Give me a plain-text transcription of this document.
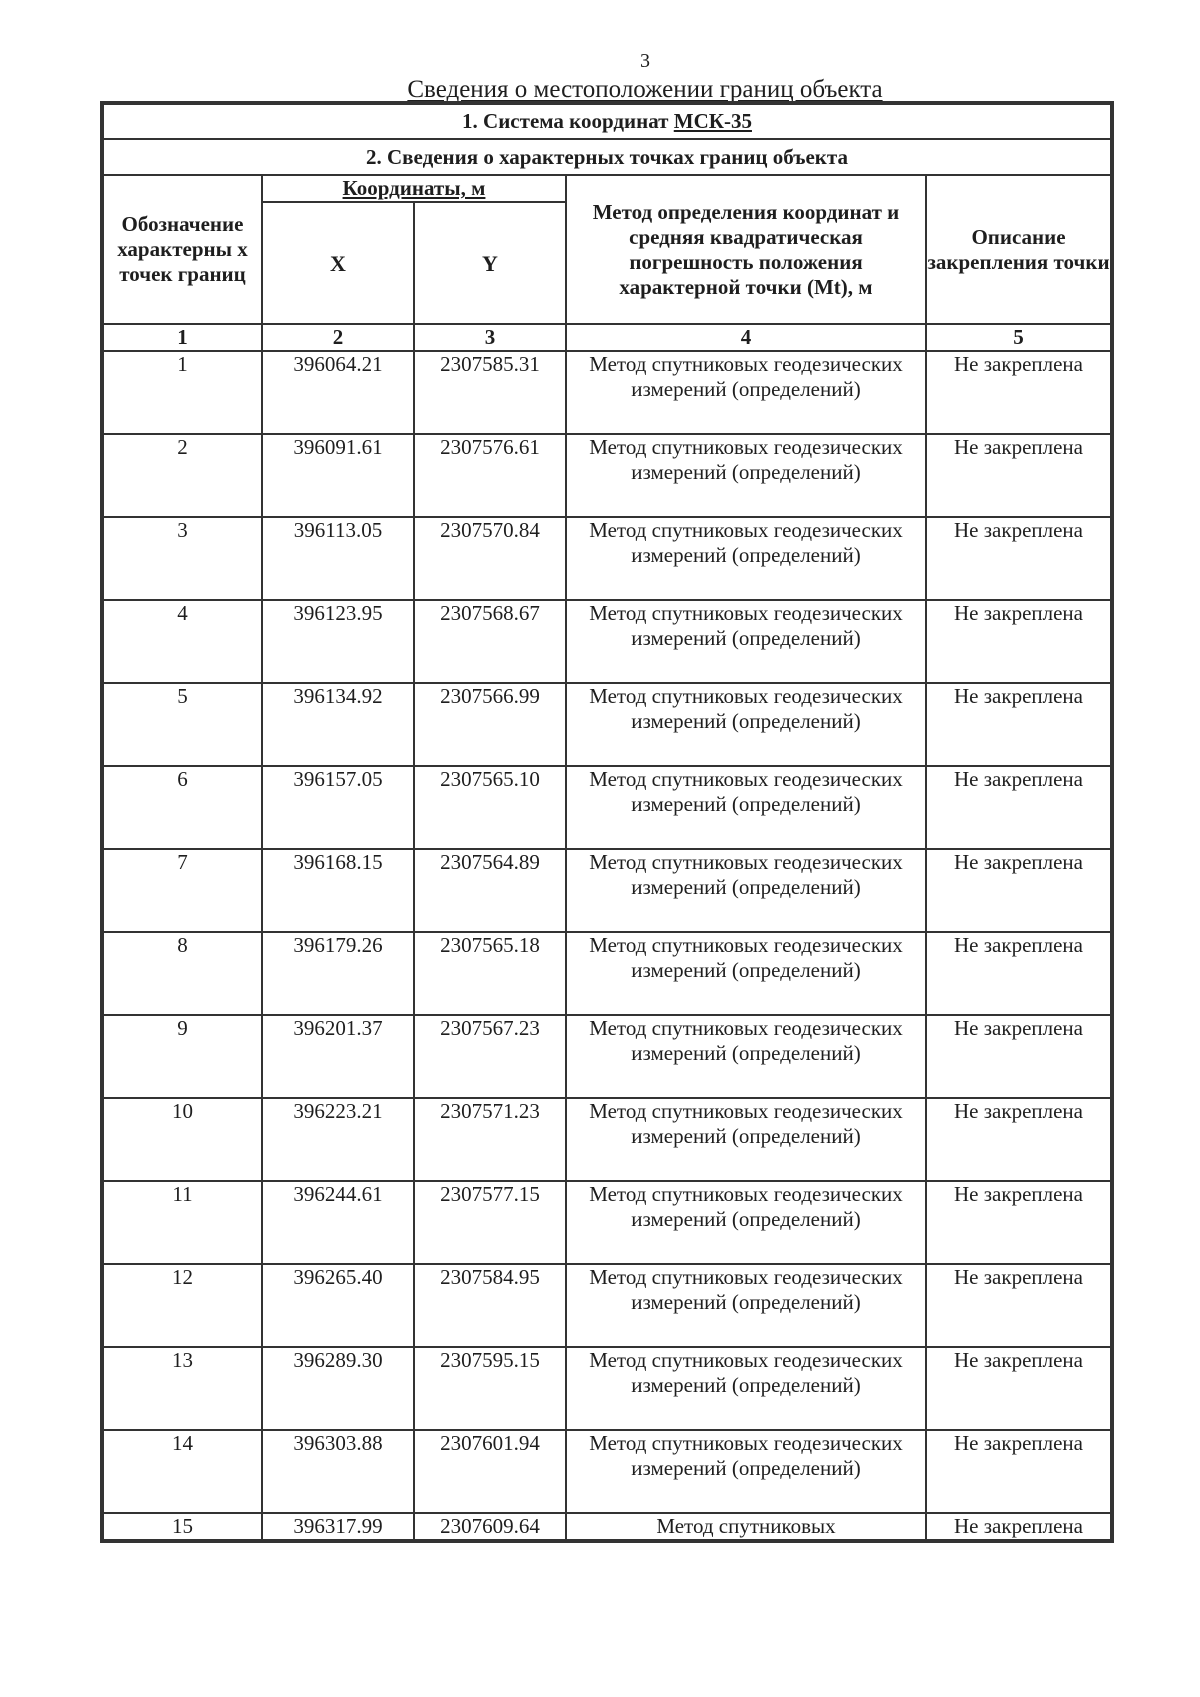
3
Сведения о местоположении границ объекта
1. Система координат МСК-35				
2. Сведения о характерных точках границ объекта				
Обозначение характерны х точек границ	Координаты, м		Метод определения координат и средняя квадратическая погрешность положения характерной точки (Mt), м	Описание закрепления точки
	X	Y		
1	2	3	4	5
1	396064.21	2307585.31	Метод спутниковых геодезических измерений (определений)	Не закреплена
2	396091.61	2307576.61	Метод спутниковых геодезических измерений (определений)	Не закреплена
3	396113.05	2307570.84	Метод спутниковых геодезических измерений (определений)	Не закреплена
4	396123.95	2307568.67	Метод спутниковых геодезических измерений (определений)	Не закреплена
5	396134.92	2307566.99	Метод спутниковых геодезических измерений (определений)	Не закреплена
6	396157.05	2307565.10	Метод спутниковых геодезических измерений (определений)	Не закреплена
7	396168.15	2307564.89	Метод спутниковых геодезических измерений (определений)	Не закреплена
8	396179.26	2307565.18	Метод спутниковых геодезических измерений (определений)	Не закреплена
9	396201.37	2307567.23	Метод спутниковых геодезических измерений (определений)	Не закреплена
10	396223.21	2307571.23	Метод спутниковых геодезических измерений (определений)	Не закреплена
11	396244.61	2307577.15	Метод спутниковых геодезических измерений (определений)	Не закреплена
12	396265.40	2307584.95	Метод спутниковых геодезических измерений (определений)	Не закреплена
13	396289.30	2307595.15	Метод спутниковых геодезических измерений (определений)	Не закреплена
14	396303.88	2307601.94	Метод спутниковых геодезических измерений (определений)	Не закреплена
15	396317.99	2307609.64	Метод спутниковых	Не закреплена
